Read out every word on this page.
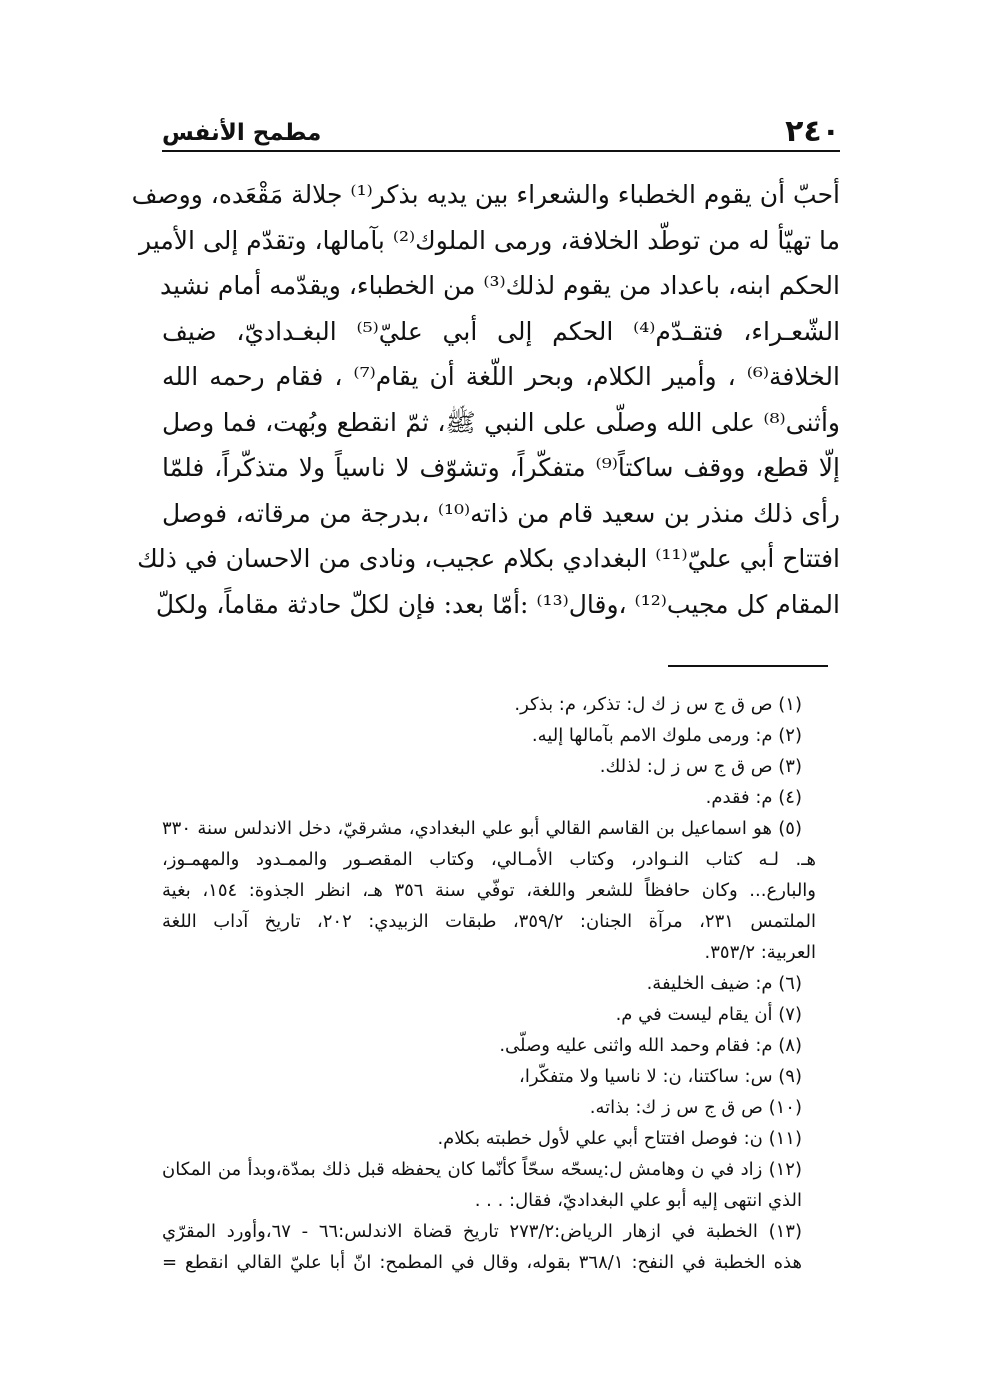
٢٤٠
مطمح الأنفس
أحبّ أن يقوم الخطباء والشعراء بين يديه بذكر⁽¹⁾ جلالة مَقْعَده، ووصف
ما تهيّأ له من توطّد الخلافة، ورمى الملوك⁽²⁾ بآمالها، وتقدّم إلى الأمير
الحكم ابنه، باعداد من يقوم لذلك⁽³⁾ من الخطباء، ويقدّمه أمام نشيد
الشّعـراء، فتقـدّم⁽⁴⁾ الحكم إلى أبي عليّ⁽⁵⁾ البغـداديّ، ضيف
الخلافة⁽⁶⁾ ، وأمير الكلام، وبحر اللّغة أن يقام⁽⁷⁾ ، فقام رحمه الله
وأثنى⁽⁸⁾ على الله وصلّى على النبي ﷺ، ثمّ انقطع وبُهت، فما وصل
إلّا قطع، ووقف ساكتاً⁽⁹⁾ متفكّراً، وتشوّف لا ناسياً ولا متذكّراً، فلمّا
رأى ذلك منذر بن سعيد قام من ذاته⁽¹⁰⁾ ،بدرجة من مرقاته، فوصل
افتتاح أبي عليّ⁽¹¹⁾ البغدادي بكلام عجيب، ونادى من الاحسان في ذلك
المقام كل مجيب⁽¹²⁾ ،وقال⁽¹³⁾ :أمّا بعد: فإن لكلّ حادثة مقاماً، ولكلّ
(١) ص ق ج س ز ك ل: تذكر، م: بذكر.
(٢) م: ورمى ملوك الامم بآمالها إليه.
(٣) ص ق ج س ز ل: لذلك.
(٤) م: فقدم.
(٥) هو اسماعيل بن القاسم القالي أبو علي البغدادي، مشرقيّ، دخل الاندلس سنة ٣٣٠
هـ. لـه كتاب النـوادر، وكتاب الأمـالي، وكتاب المقصـور والممـدود والمهمـوز،
والبارع... وكان حافظاً للشعر واللغة، توفّي سنة ٣٥٦ هـ، انظر الجذوة: ١٥٤، بغية
الملتمس ٢٣١، مرآة الجنان: ٣٥٩/٢، طبقات الزبيدي: ٢٠٢، تاريخ آداب اللغة
العربية: ٣٥٣/٢.
(٦) م: ضيف الخليفة.
(٧) أن يقام ليست في م.
(٨) م: فقام وحمد الله واثنى عليه وصلّى.
(٩) س: ساكتنا، ن: لا ناسيا ولا متفكّرا،
(١٠) ص ق ج س ز ك: بذاته.
(١١) ن: فوصل افتتاح أبي علي لأول خطبته بكلام.
(١٢) زاد في ن وهامش ل:يسحّه سحّاً كأنّما كان يحفظه قبل ذلك بمدّة،وبدأ من المكان
الذي انتهى إليه أبو علي البغداديّ، فقال: . . .
(١٣) الخطبة في ازهار الرياض:٢٧٣/٢ تاريخ قضاة الاندلس:٦٦ - ٦٧،وأورد المقرّي
هذه الخطبة في النفح: ٣٦٨/١ بقوله، وقال في المطمح: انّ أبا عليّ القالي انقطع =
